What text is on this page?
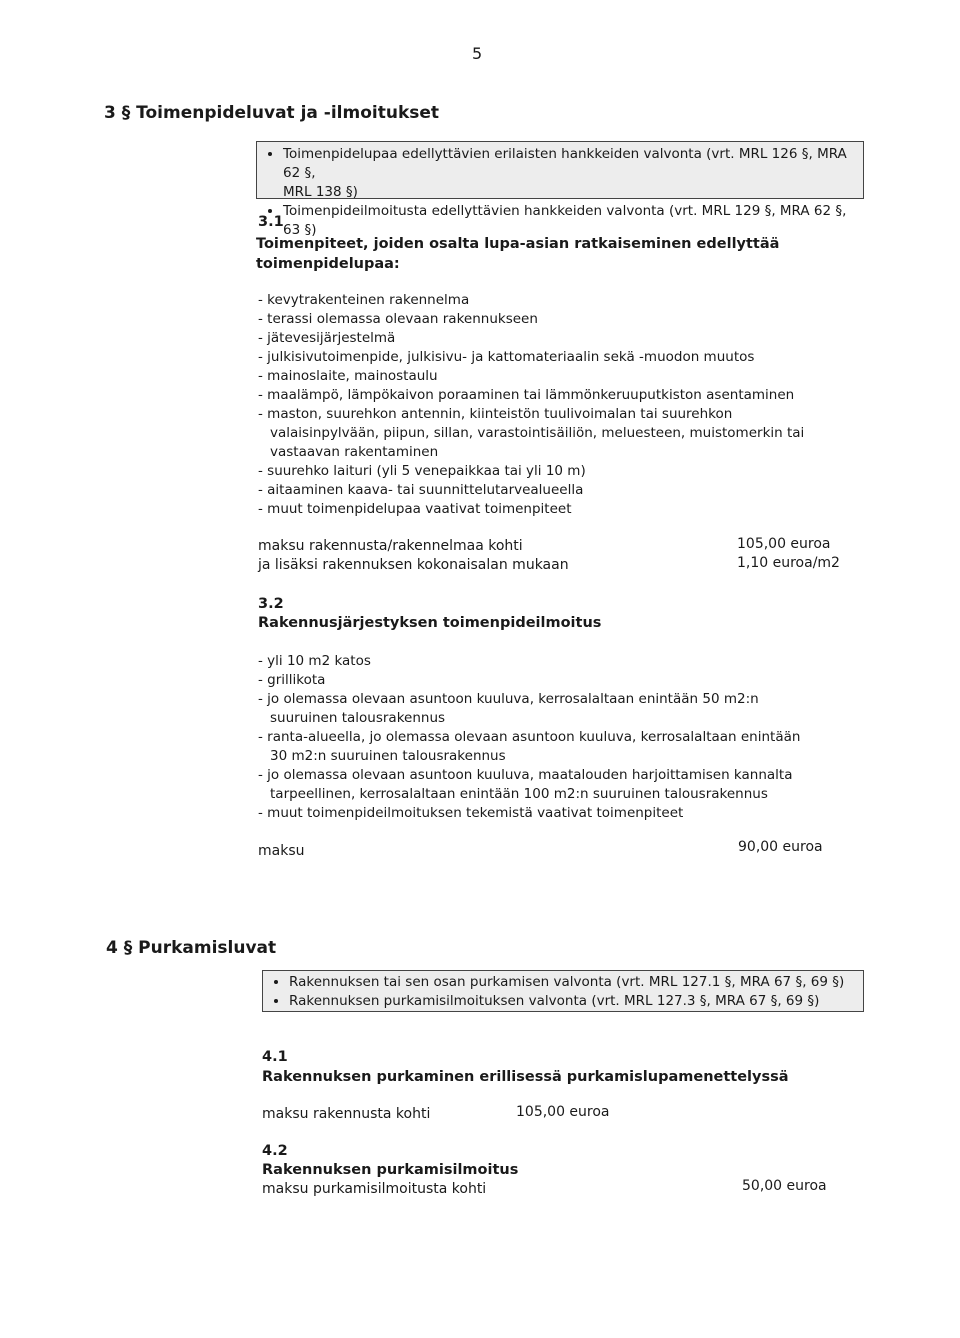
5
3 § Toimenpideluvat ja -ilmoitukset
• Toimenpidelupaa edellyttävien erilaisten hankkeiden valvonta (vrt. MRL 126 §, MRA 62 §,
MRL 138 §)
• Toimenpideilmoitusta edellyttävien hankkeiden valvonta (vrt. MRL 129 §, MRA 62 §, 63 §)
3.1
Toimenpiteet, joiden osalta lupa-asian ratkaiseminen edellyttää
toimenpidelupaa:
- kevytrakenteinen rakennelma
- terassi olemassa olevaan rakennukseen
- jätevesijärjestelmä
- julkisivutoimenpide, julkisivu- ja kattomateriaalin sekä -muodon muutos
- mainoslaite, mainostaulu
- maalämpö, lämpökaivon poraaminen tai lämmönkeruuputkiston asentaminen
- maston, suurehkon antennin, kiinteistön tuulivoimalan tai suurehkon
valaisinpylvään, piipun, sillan, varastointisäiliön, meluesteen, muistomerkin tai
vastaavan rakentaminen
- suurehko laituri (yli 5 venepaikkaa tai yli 10 m)
- aitaaminen kaava- tai suunnittelutarvealueella
- muut toimenpidelupaa vaativat toimenpiteet
maksu rakennusta/rakennelmaa kohti	105,00 euroa
ja lisäksi rakennuksen kokonaisalan mukaan	1,10 euroa/m2
3.2
Rakennusjärjestyksen toimenpideilmoitus
- yli 10 m2 katos
- grillikota
- jo olemassa olevaan asuntoon kuuluva, kerrosalaltaan enintään 50 m2:n
suuruinen talousrakennus
- ranta-alueella, jo olemassa olevaan asuntoon kuuluva, kerrosalaltaan enintään
30 m2:n suuruinen talousrakennus
- jo olemassa olevaan asuntoon kuuluva, maatalouden harjoittamisen kannalta
tarpeellinen, kerrosalaltaan enintään 100 m2:n suuruinen talousrakennus
- muut toimenpideilmoituksen tekemistä vaativat toimenpiteet
maksu	90,00 euroa
4 § Purkamisluvat
• Rakennuksen tai sen osan purkamisen valvonta (vrt. MRL 127.1 §, MRA 67 §, 69 §)
• Rakennuksen purkamisilmoituksen valvonta (vrt. MRL 127.3 §, MRA 67 §, 69 §)
4.1
Rakennuksen purkaminen erillisessä purkamislupamenettelyssä
maksu rakennusta kohti	105,00 euroa
4.2
Rakennuksen purkamisilmoitus
maksu purkamisilmoitusta kohti	50,00 euroa
